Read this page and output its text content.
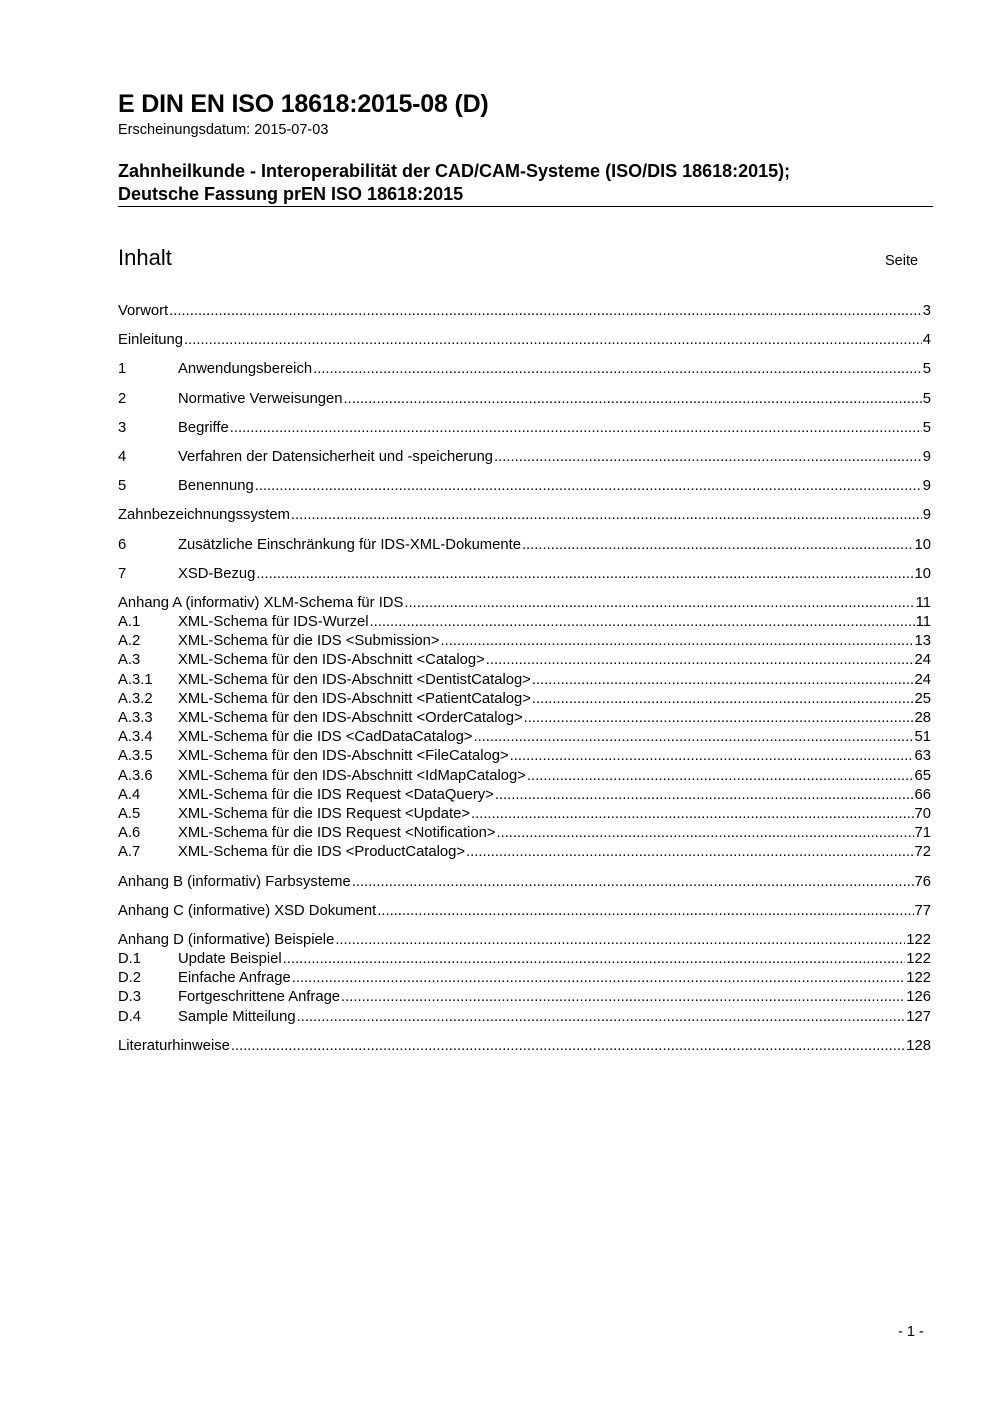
E DIN EN ISO 18618:2015-08 (D)
Erscheinungsdatum: 2015-07-03
Zahnheilkunde - Interoperabilität der CAD/CAM-Systeme (ISO/DIS 18618:2015);
Deutsche Fassung prEN ISO 18618:2015
Inhalt	Seite
Vorwort .....	3
Einleitung .....	4
1	Anwendungsbereich .....	5
2	Normative Verweisungen .....	5
3	Begriffe .....	5
4	Verfahren der Datensicherheit und -speicherung .....	9
5	Benennung .....	9
Zahnbezeichnungssystem .....	9
6	Zusätzliche Einschränkung für IDS-XML-Dokumente .....	10
7	XSD-Bezug .....	10
Anhang A (informativ) XLM-Schema für IDS .....	11
A.1	XML-Schema für IDS-Wurzel .....	11
A.2	XML-Schema für die IDS <Submission> .....	13
A.3	XML-Schema für den IDS-Abschnitt <Catalog> .....	24
A.3.1	XML-Schema für den IDS-Abschnitt <DentistCatalog> .....	24
A.3.2	XML-Schema für den IDS-Abschnitt <PatientCatalog> .....	25
A.3.3	XML-Schema für den IDS-Abschnitt <OrderCatalog> .....	28
A.3.4	XML-Schema für die IDS <CadDataCatalog> .....	51
A.3.5	XML-Schema für den IDS-Abschnitt <FileCatalog> .....	63
A.3.6	XML-Schema für den IDS-Abschnitt <IdMapCatalog> .....	65
A.4	XML-Schema für die IDS Request <DataQuery> .....	66
A.5	XML-Schema für die IDS Request <Update> .....	70
A.6	XML-Schema für die IDS Request <Notification> .....	71
A.7	XML-Schema für die IDS <ProductCatalog> .....	72
Anhang B (informativ) Farbsysteme .....	76
Anhang C (informative) XSD Dokument .....	77
Anhang D (informative) Beispiele .....	122
D.1	Update Beispiel .....	122
D.2	Einfache Anfrage .....	122
D.3	Fortgeschrittene Anfrage .....	126
D.4	Sample Mitteilung .....	127
Literaturhinweise .....	128
- 1 -
